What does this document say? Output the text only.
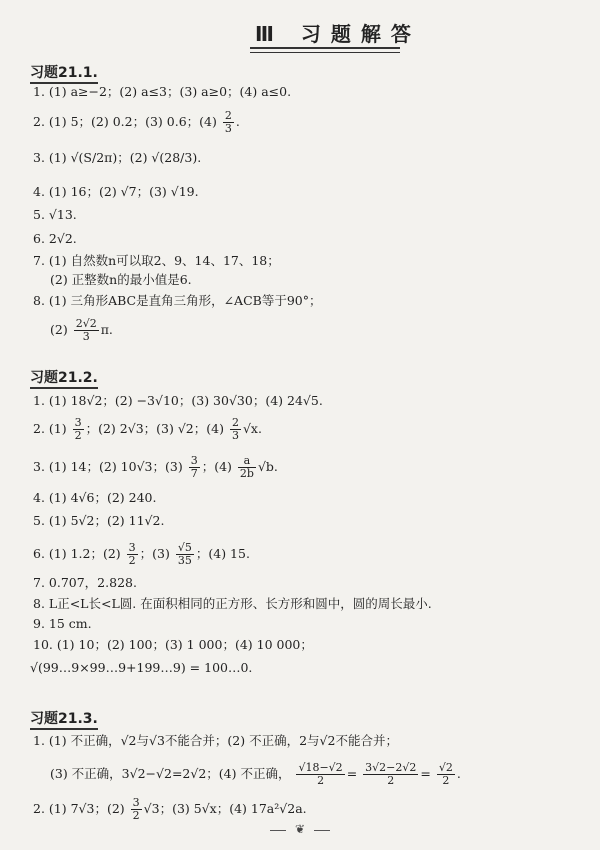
Ⅲ 习题解答
习题21.1.
1. (1) a≥−2；(2) a≤3；(3) a≥0；(4) a≤0.
2. (1) 5；(2) 0.2；(3) 0.6；$(4) \frac{2}{3}$ .
3. (1) √(S/2π)；(2) √(28/3).
4. (1) 16；(2) √7；(3) √19.
5. √13.
6. 2√2.
7. (1) 自然数n可以取2、9、14、17、18；
(2) 正整数n的最小值是6.
8. (1) 三角形ABC是直角三角形，∠ACB等于90°；
$(2) \frac{2√2}{3} \pi$.
习题21.2.
1. (1) 18√2；(2) −3√10；(3) 30√30；(4) 24√5.
2. $(1) \frac{3}{2}$ ；(2) 2√3；(3) √2；$(4) \frac{2}{3} √x$.
3. (1) 14；(2) 10√3；$(3) \frac{3}{7}$ ；$(4) \frac{a}{2b} √b$.
4. (1) 4√6；(2) 240.
5. (1) 5√2；(2) 11√2.
6. (1) 1.2；$(2) \frac{3}{2}$ ；$(3) \frac{√5}{35}$ ；(4) 15.
7. 0.707，2.828.
8. L正<L长<L圆. 在面积相同的正方形、长方形和圆中，圆的周长最小.
9. 15 cm.
10. (1) 10；(2) 100；(3) 1 000；(4) 10 000；
√(99…9×99…9+199…9) = 100…0.
习题21.3.
1. (1) 不正确，√2与√3不能合并；(2) 不正确，2与√2不能合并；
(3) 不正确，3√2−√2=2√2；(4) 不正确， $\frac{√18-√2}{2} = \frac{3√2-2√2}{2} = \frac{√2}{2}$ .
2. (1) 7√3；$(2) \frac{3}{2} √3$；(3) 5√x；(4) 17a²√2a.
❦
